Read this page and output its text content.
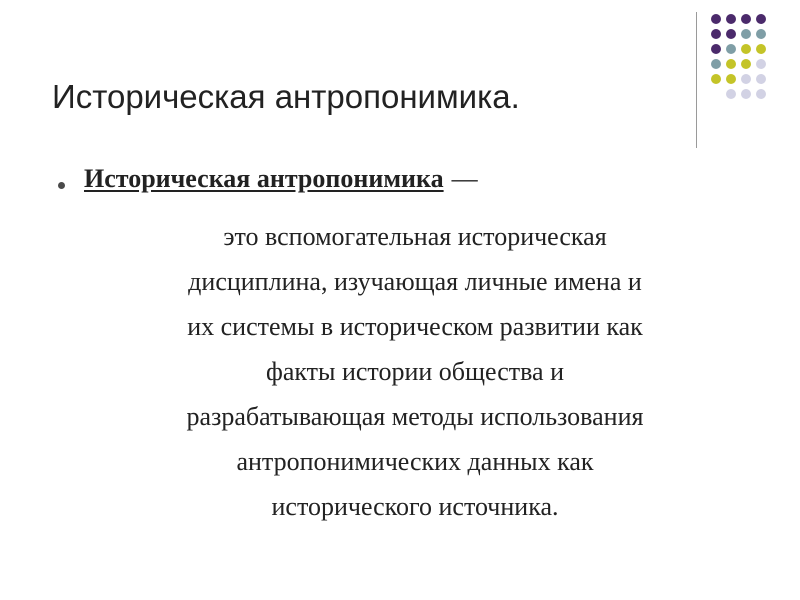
Историческая антропонимика.
Историческая антропонимика —
это вспомогательная историческая
дисциплина, изучающая личные имена и
их системы в историческом развитии как
факты истории общества и
разрабатывающая методы использования
антропонимических данных как
исторического источника.
